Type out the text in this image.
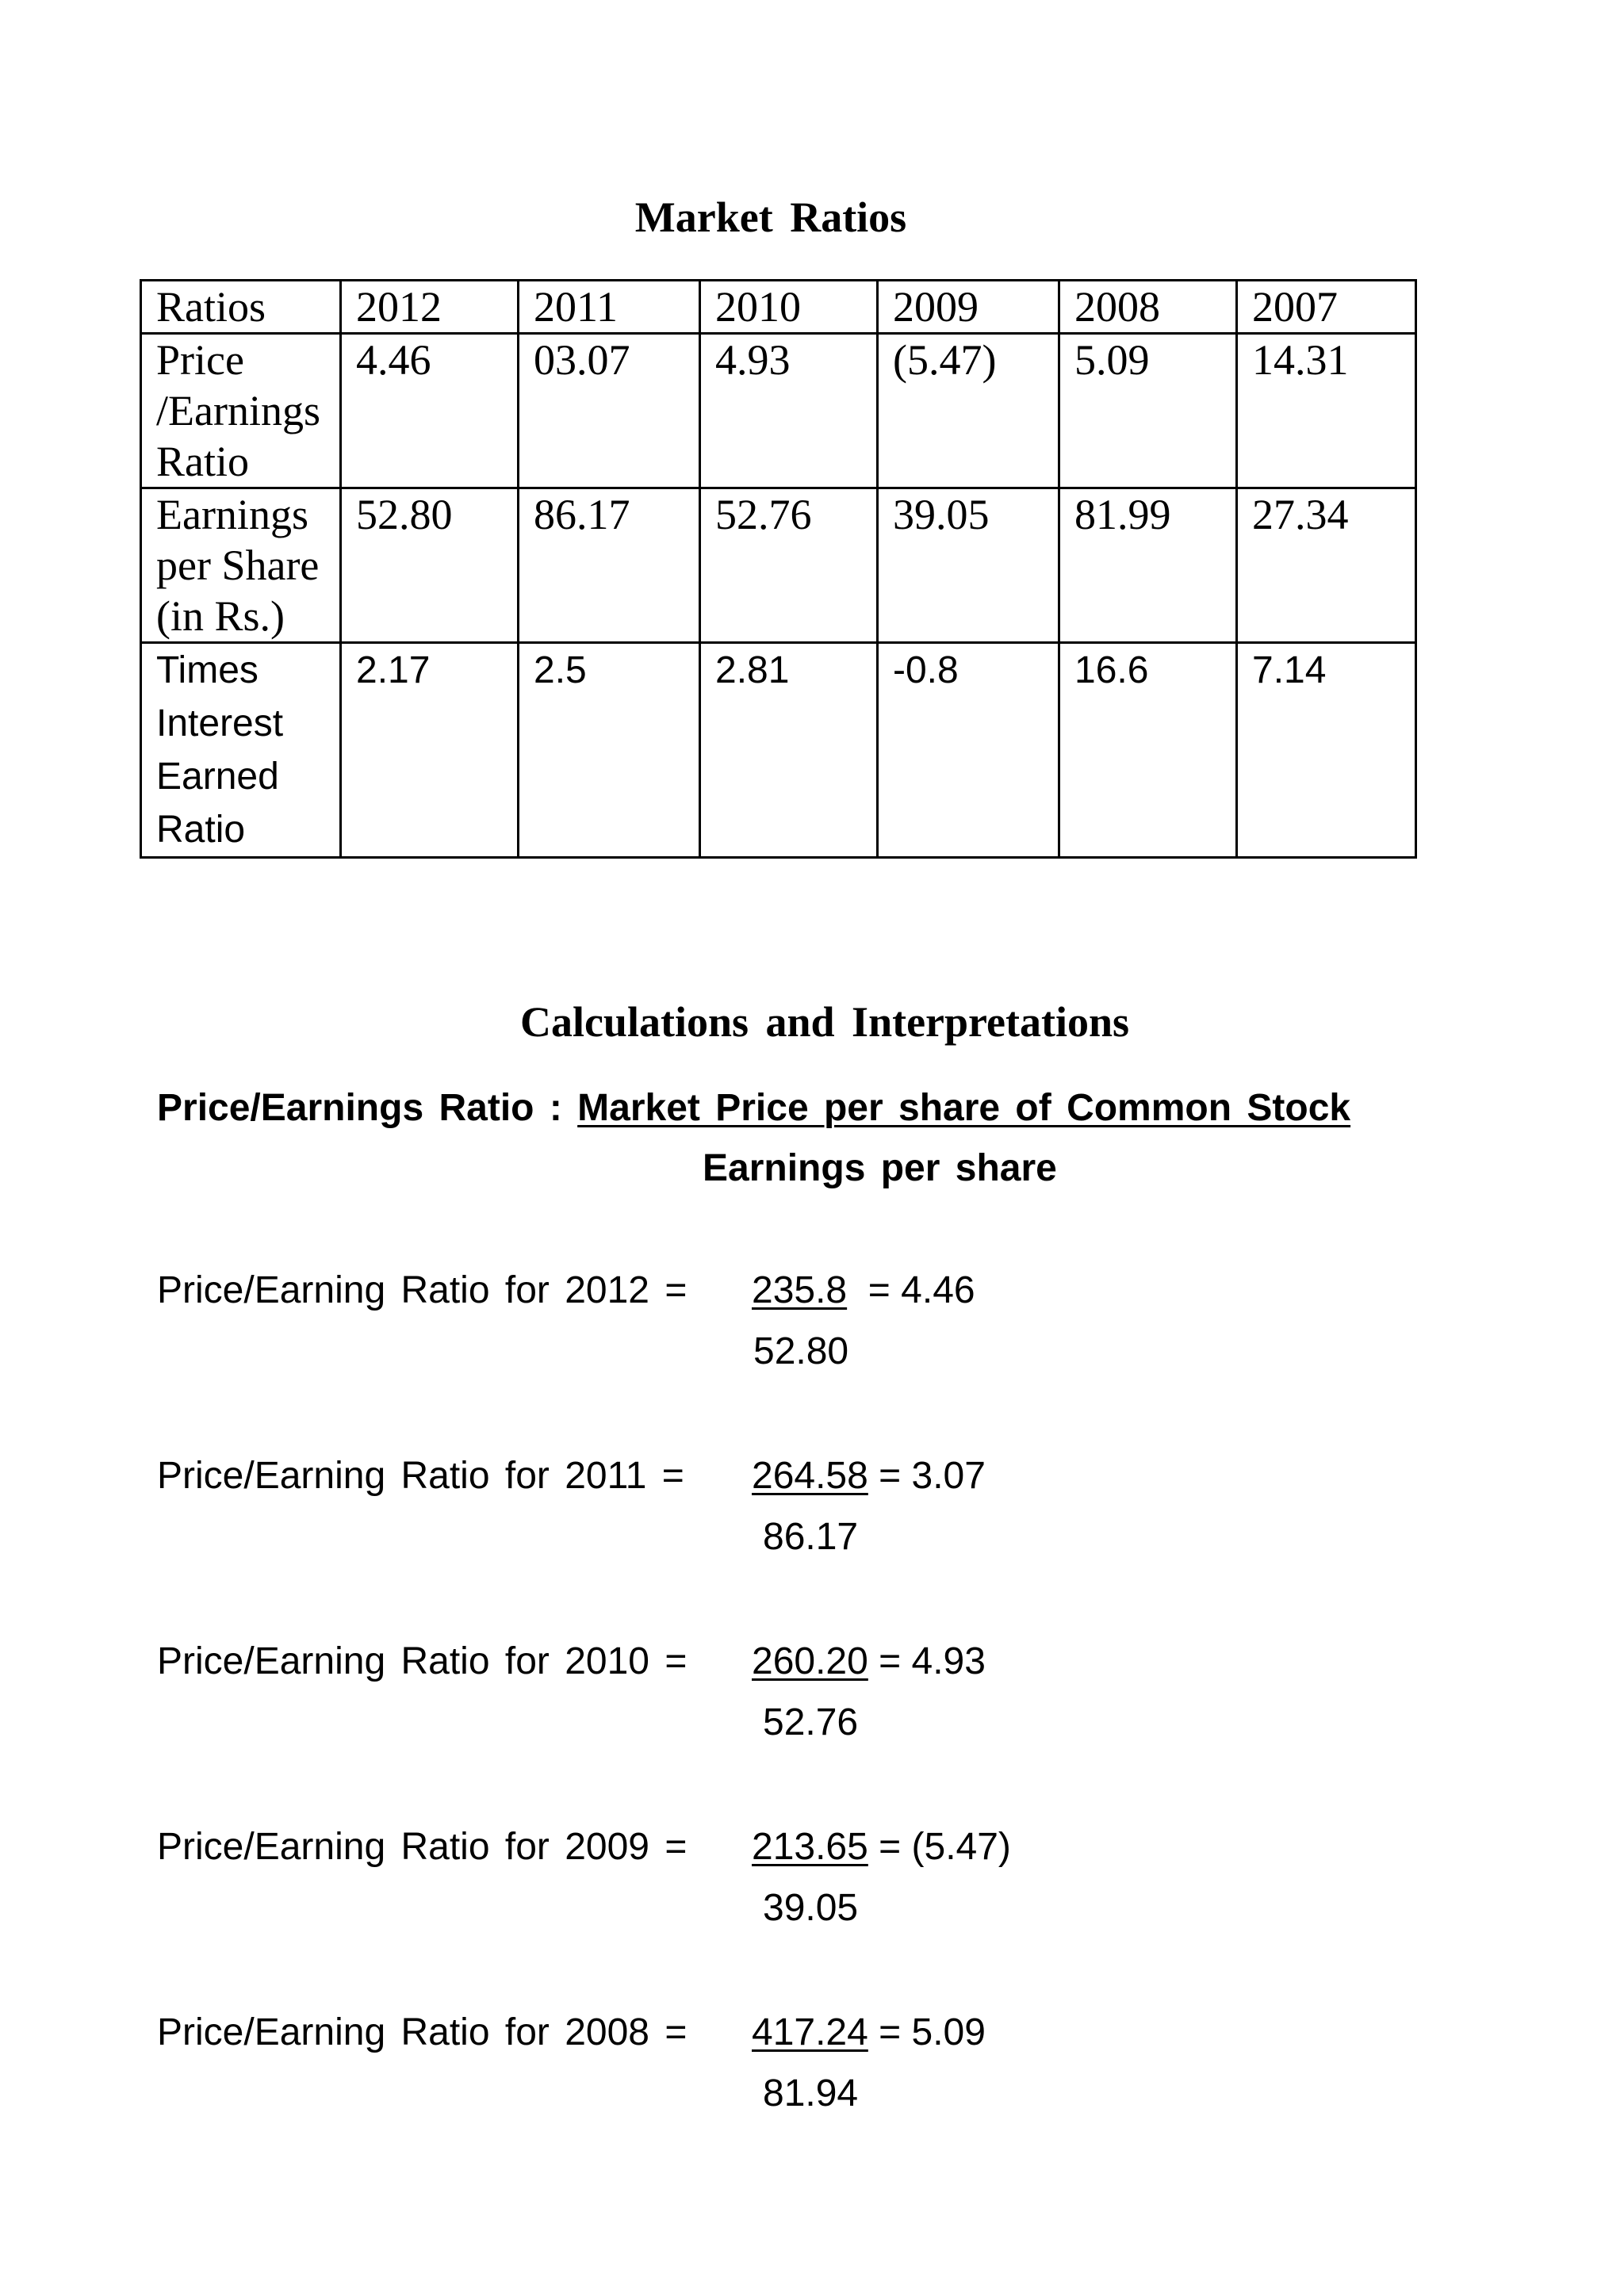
Market Ratios
Ratios	2012	2011	2010	2009	2008	2007
Price /Earnings Ratio	4.46	03.07	4.93	(5.47)	5.09	14.31
Earnings per Share (in Rs.)	52.80	86.17	52.76	39.05	81.99	27.34
Times Interest Earned Ratio	2.17	2.5	2.81	-0.8	16.6	7.14
Calculations and Interpretations
Price/Earnings Ratio : Market Price per share of Common Stock
Earnings per share
Price/Earning Ratio for 2012 = 235.8  = 4.46
52.80
Price/Earning Ratio for 2011 = 264.58 = 3.07
86.17
Price/Earning Ratio for 2010 = 260.20 = 4.93
52.76
Price/Earning Ratio for 2009 = 213.65 = (5.47)
39.05
Price/Earning Ratio for 2008 = 417.24 = 5.09
81.94
